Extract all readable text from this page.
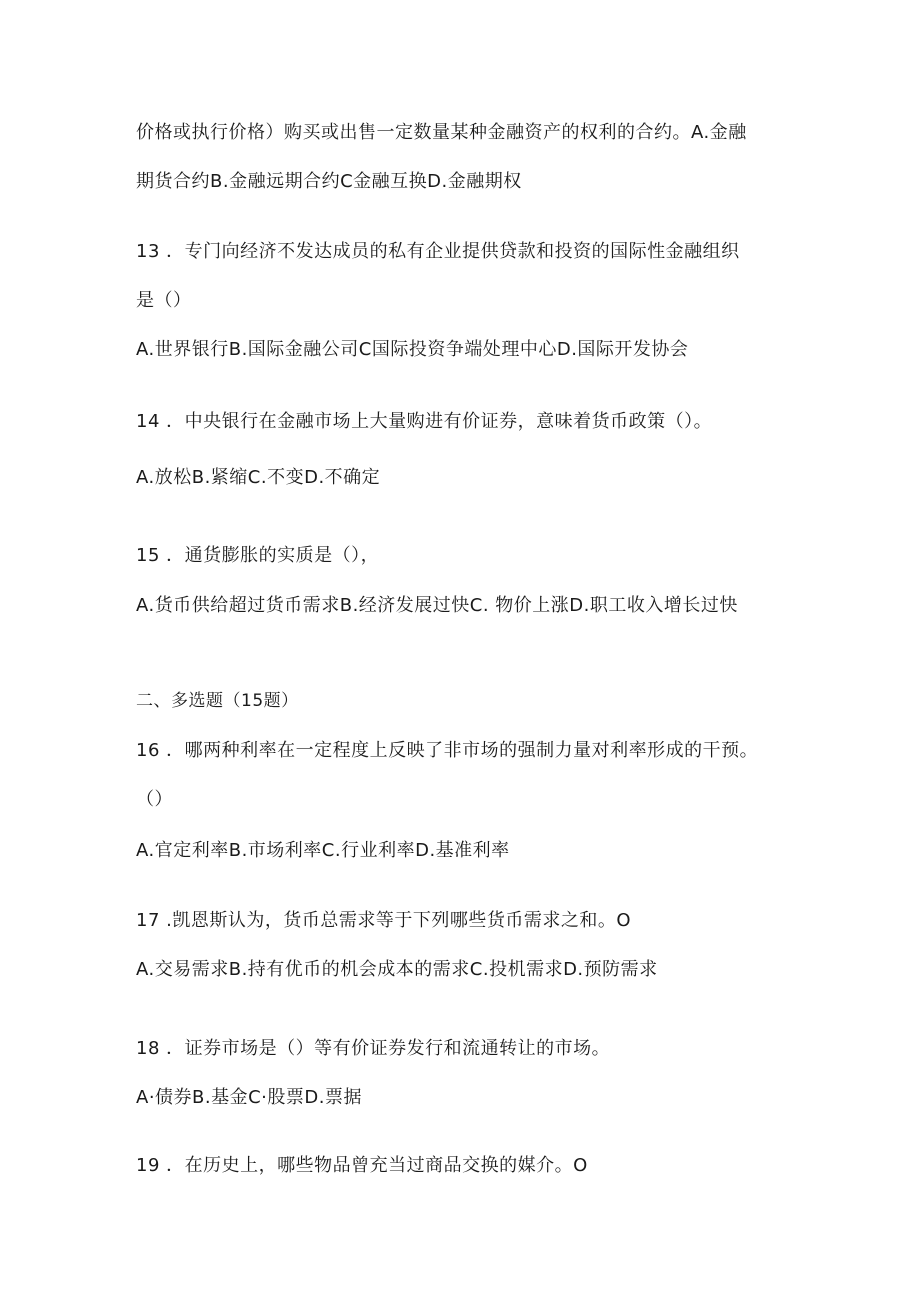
价格或执行价格）购买或出售一定数量某种金融资产的权利的合约。A.金融
期货合约B.金融远期合约C金融互换D.金融期权
13 ．专门向经济不发达成员的私有企业提供贷款和投资的国际性金融组织
是（）
A.世界银行B.国际金融公司C国际投资争端处理中心D.国际开发协会
14 ．中央银行在金融市场上大量购进有价证券，意味着货币政策（）。
A.放松B.紧缩C.不变D.不确定
15 ．通货膨胀的实质是（），
A.货币供给超过货币需求B.经济发展过快C. 物价上涨D.职工收入增长过快
二、多选题（15题）
16 ．哪两种利率在一定程度上反映了非市场的强制力量对利率形成的干预。
（）
A.官定利率B.市场利率C.行业利率D.基准利率
17 .凯恩斯认为，货币总需求等于下列哪些货币需求之和。O
A.交易需求B.持有优币的机会成本的需求C.投机需求D.预防需求
18 ．证券市场是（）等有价证券发行和流通转让的市场。
A·债券B.基金C·股票D.票据
19 ．在历史上，哪些物品曾充当过商品交换的媒介。O
